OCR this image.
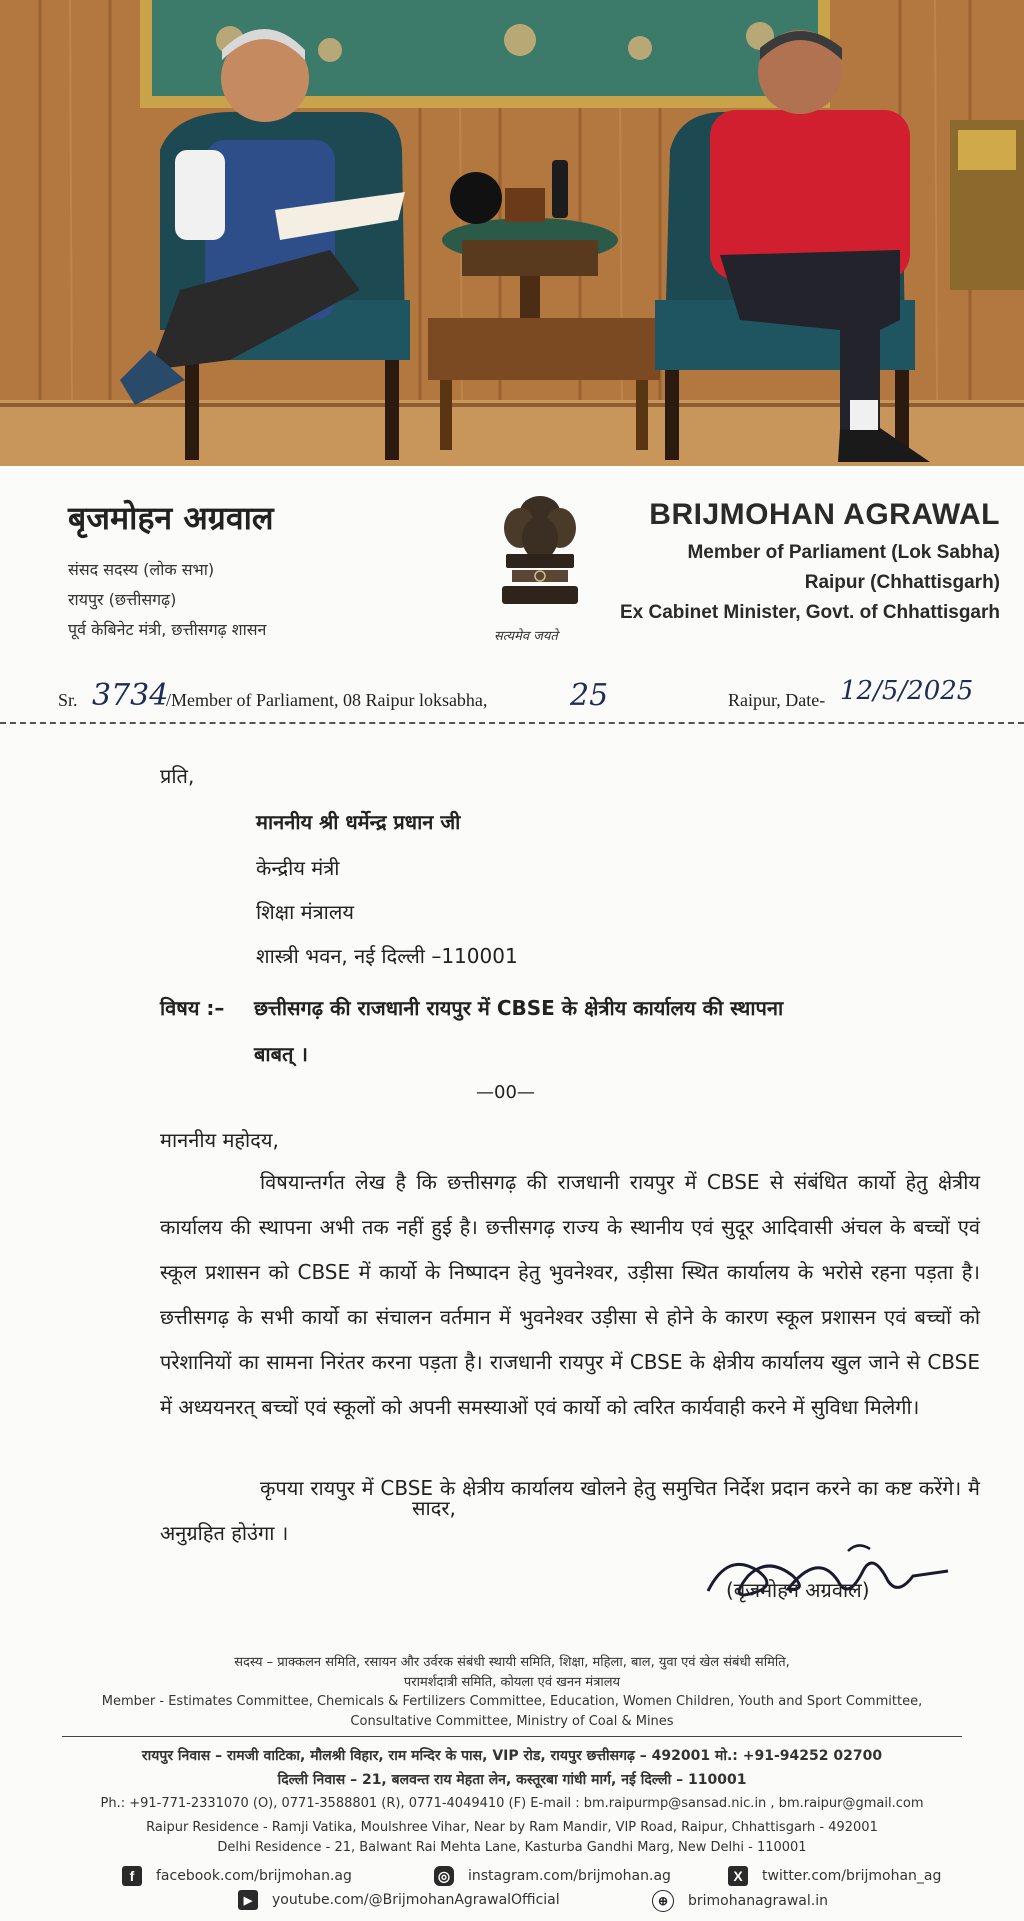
बृजमोहन अग्रवाल
संसद सदस्य (लोक सभा)
रायपुर (छत्तीसगढ़)
पूर्व केबिनेट मंत्री, छत्तीसगढ़ शासन	सत्यमेव जयते
BRIJMOHAN AGRAWAL
Member of Parliament (Lok Sabha)
Raipur (Chhattisgarh)
Ex Cabinet Minister, Govt. of Chhattisgarh
Sr. 3734
/Member of Parliament, 08 Raipur loksabha,	25	Raipur, Date- 12/5/2025
प्रति,
माननीय श्री धर्मेन्द्र प्रधान जी
केन्द्रीय मंत्री
शिक्षा मंत्रालय
शास्त्री भवन, नई दिल्ली –110001
विषय :– छत्तीसगढ़ की राजधानी रायपुर में CBSE के क्षेत्रीय कार्यालय की स्थापना
बाबत् ।
—00—
माननीय महोदय,
विषयान्तर्गत लेख है कि छत्तीसगढ़ की राजधानी रायपुर में CBSE से संबंधित कार्यो हेतु क्षेत्रीय कार्यालय की स्थापना अभी तक नहीं हुई है। छत्तीसगढ़ राज्य के स्थानीय एवं सुदूर आदिवासी अंचल के बच्चों एवं स्कूल प्रशासन को CBSE में कार्यो के निष्पादन हेतु भुवनेश्वर, उड़ीसा स्थित कार्यालय के भरोसे रहना पड़ता है। छत्तीसगढ़ के सभी कार्यो का संचालन वर्तमान में भुवनेश्वर उड़ीसा से होने के कारण स्कूल प्रशासन एवं बच्चों को परेशानियों का सामना निरंतर करना पड़ता है। राजधानी रायपुर में CBSE के क्षेत्रीय कार्यालय खुल जाने से CBSE में अध्ययनरत् बच्चों एवं स्कूलों को अपनी समस्याओं एवं कार्यो को त्वरित कार्यवाही करने में सुविधा मिलेगी।
कृपया रायपुर में CBSE के क्षेत्रीय कार्यालय खोलने हेतु समुचित निर्देश प्रदान करने का कष्ट करेंगे। मै अनुग्रहित होउंगा ।
सादर,
(बृजमोहन अग्रवाल)
सदस्य – प्राक्कलन समिति, रसायन और उर्वरक संबंधी स्थायी समिति, शिक्षा, महिला, बाल, युवा एवं खेल संबंधी समिति,
परामर्शदात्री समिति, कोयला एवं खनन मंत्रालय
Member - Estimates Committee, Chemicals & Fertilizers Committee, Education, Women Children, Youth and Sport Committee,
Consultative Committee, Ministry of Coal & Mines
रायपुर निवास – रामजी वाटिका, मौलश्री विहार, राम मन्दिर के पास, VIP रोड, रायपुर छत्तीसगढ़ – 492001 मो.: +91-94252 02700
दिल्ली निवास – 21, बलवन्त राय मेहता लेन, कस्तूरबा गांधी मार्ग, नई दिल्ली – 110001
Ph.: +91-771-2331070 (O), 0771-3588801 (R), 0771-4049410 (F) E-mail : bm.raipurmp@sansad.nic.in , bm.raipur@gmail.com
Raipur Residence - Ramji Vatika, Moulshree Vihar, Near by Ram Mandir, VIP Road, Raipur, Chhattisgarh - 492001
Delhi Residence - 21, Balwant Rai Mehta Lane, Kasturba Gandhi Marg, New Delhi - 110001
f	facebook.com/brijmohan.ag	◎ instagram.com/brijmohan.ag	X	twitter.com/brijmohan_ag
▶	youtube.com/@BrijmohanAgrawalOfficial	⊕	brimohanagrawal.in
